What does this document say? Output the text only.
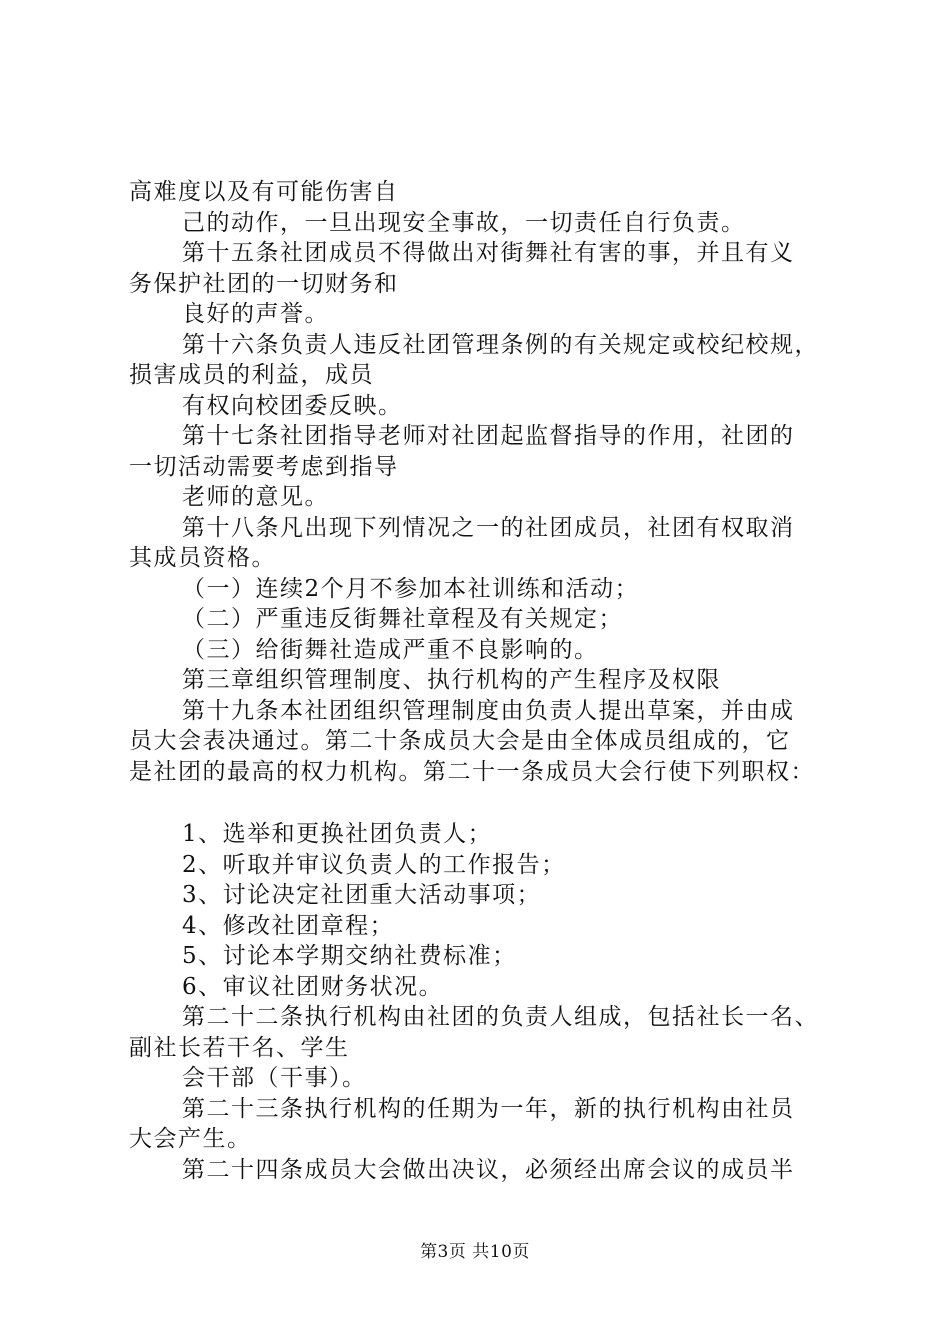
高难度以及有可能伤害自
己的动作，一旦出现安全事故，一切责任自行负责。
第十五条社团成员不得做出对街舞社有害的事，并且有义
务保护社团的一切财务和
良好的声誉。
第十六条负责人违反社团管理条例的有关规定或校纪校规，
损害成员的利益，成员
有权向校团委反映。
第十七条社团指导老师对社团起监督指导的作用，社团的
一切活动需要考虑到指导
老师的意见。
第十八条凡出现下列情况之一的社团成员，社团有权取消
其成员资格。
（一）连续2个月不参加本社训练和活动；
（二）严重违反街舞社章程及有关规定；
（三）给街舞社造成严重不良影响的。
第三章组织管理制度、执行机构的产生程序及权限
第十九条本社团组织管理制度由负责人提出草案，并由成
员大会表决通过。第二十条成员大会是由全体成员组成的，它
是社团的最高的权力机构。第二十一条成员大会行使下列职权：
1、选举和更换社团负责人；
2、听取并审议负责人的工作报告；
3、讨论决定社团重大活动事项；
4、修改社团章程；
5、讨论本学期交纳社费标准；
6、审议社团财务状况。
第二十二条执行机构由社团的负责人组成，包括社长一名、
副社长若干名、学生
会干部（干事）。
第二十三条执行机构的任期为一年，新的执行机构由社员
大会产生。
第二十四条成员大会做出决议，必须经出席会议的成员半
第3页 共10页
